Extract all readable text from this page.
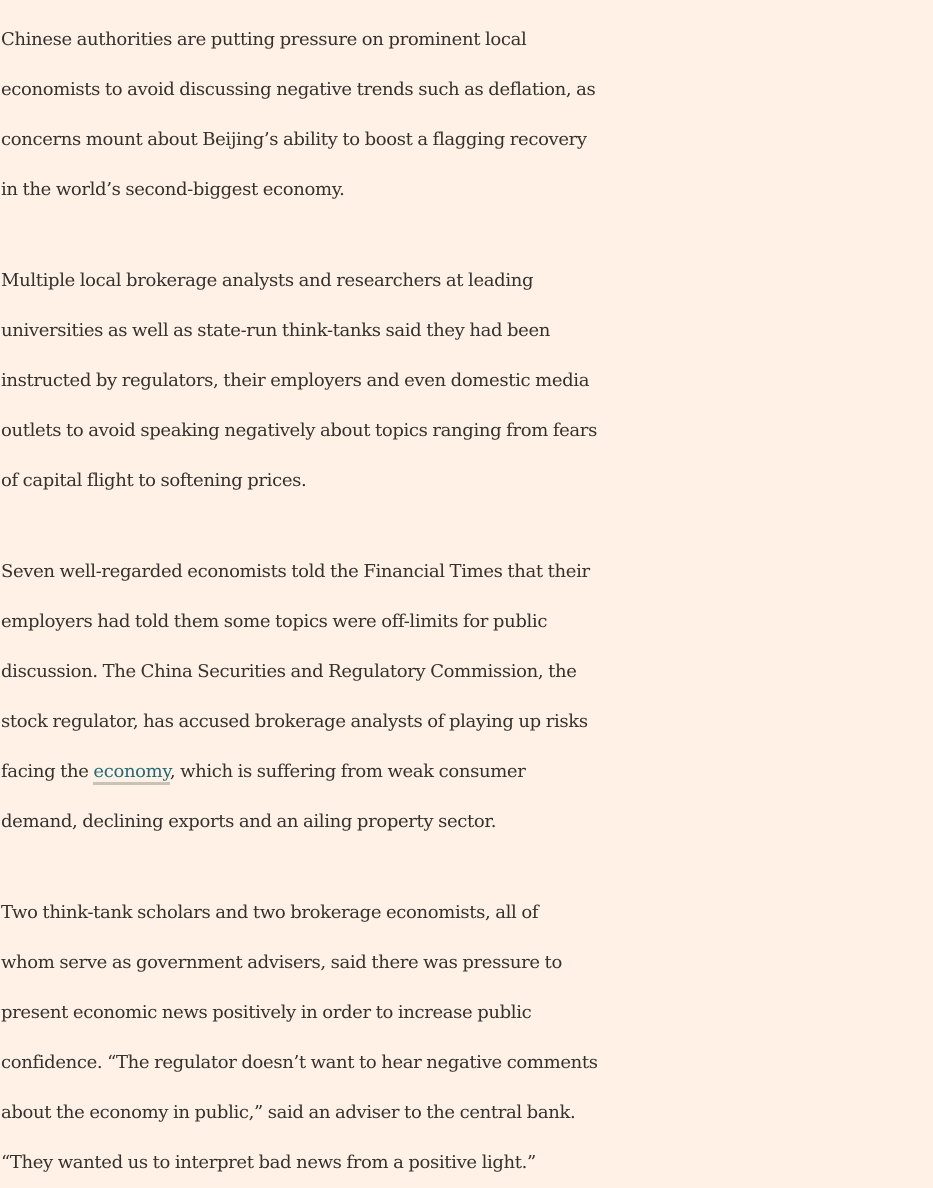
Chinese authorities are putting pressure on prominent local
economists to avoid discussing negative trends such as deflation, as
concerns mount about Beijing’s ability to boost a flagging recovery
in the world’s second-biggest economy.

Multiple local brokerage analysts and researchers at leading
universities as well as state-run think-tanks said they had been
instructed by regulators, their employers and even domestic media
outlets to avoid speaking negatively about topics ranging from fears
of capital flight to softening prices.

Seven well-regarded economists told the Financial Times that their
employers had told them some topics were off-limits for public
discussion. The China Securities and Regulatory Commission, the
stock regulator, has accused brokerage analysts of playing up risks
facing the economy, which is suffering from weak consumer
demand, declining exports and an ailing property sector.

Two think-tank scholars and two brokerage economists, all of
whom serve as government advisers, said there was pressure to
present economic news positively in order to increase public
confidence. “The regulator doesn’t want to hear negative comments
about the economy in public,” said an adviser to the central bank.
“They wanted us to interpret bad news from a positive light.”
